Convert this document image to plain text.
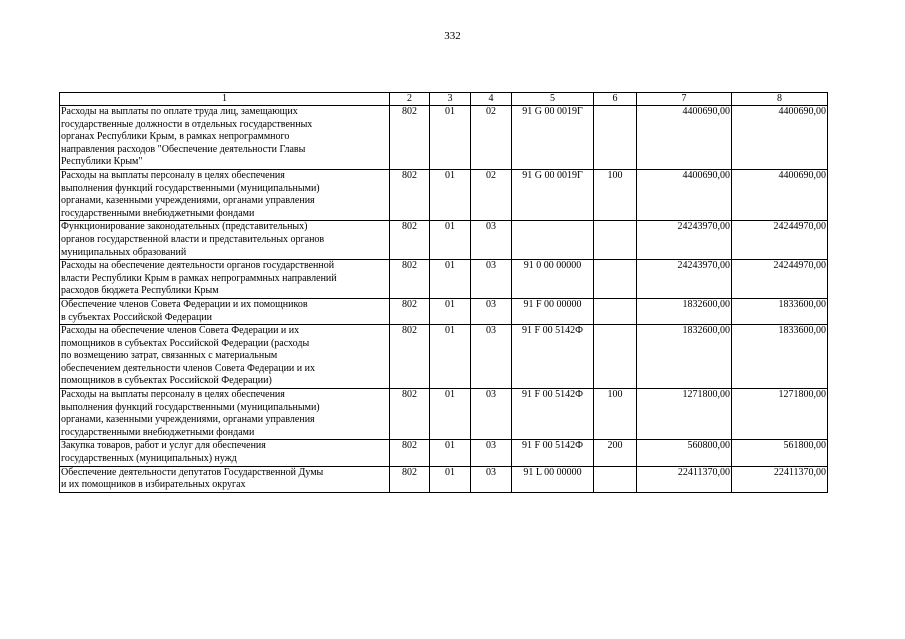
332
1	2	3	4	5	6	7	8
Расходы на выплаты по оплате труда лиц, замещающих
государственные должности в отдельных государственных
органах Республики Крым, в рамках непрограммного
направления расходов "Обеспечение деятельности Главы
Республики Крым"	802	01	02	91 G 00 0019Г		4400690,00	4400690,00
Расходы на выплаты персоналу в целях обеспечения
выполнения функций государственными (муниципальными)
органами, казенными учреждениями, органами управления
государственными внебюджетными фондами	802	01	02	91 G 00 0019Г	100	4400690,00	4400690,00
Функционирование законодательных (представительных)
органов государственной власти и представительных органов
муниципальных образований	802	01	03			24243970,00	24244970,00
Расходы на обеспечение деятельности органов государственной
власти Республики Крым в рамках непрограммных направлений
расходов бюджета Республики Крым	802	01	03	91 0 00 00000		24243970,00	24244970,00
Обеспечение членов Совета Федерации и их помощников
в субъектах Российской Федерации	802	01	03	91 F 00 00000		1832600,00	1833600,00
Расходы на обеспечение членов Совета Федерации и их
помощников в субъектах Российской Федерации (расходы
по возмещению затрат, связанных с материальным
обеспечением деятельности членов Совета Федерации и их
помощников в субъектах Российской Федерации)	802	01	03	91 F 00 5142Ф		1832600,00	1833600,00
Расходы на выплаты персоналу в целях обеспечения
выполнения функций государственными (муниципальными)
органами, казенными учреждениями, органами управления
государственными внебюджетными фондами	802	01	03	91 F 00 5142Ф	100	1271800,00	1271800,00
Закупка товаров, работ и услуг для обеспечения
государственных (муниципальных) нужд	802	01	03	91 F 00 5142Ф	200	560800,00	561800,00
Обеспечение деятельности депутатов Государственной Думы
и их помощников в избирательных округах	802	01	03	91 L 00 00000		22411370,00	22411370,00
